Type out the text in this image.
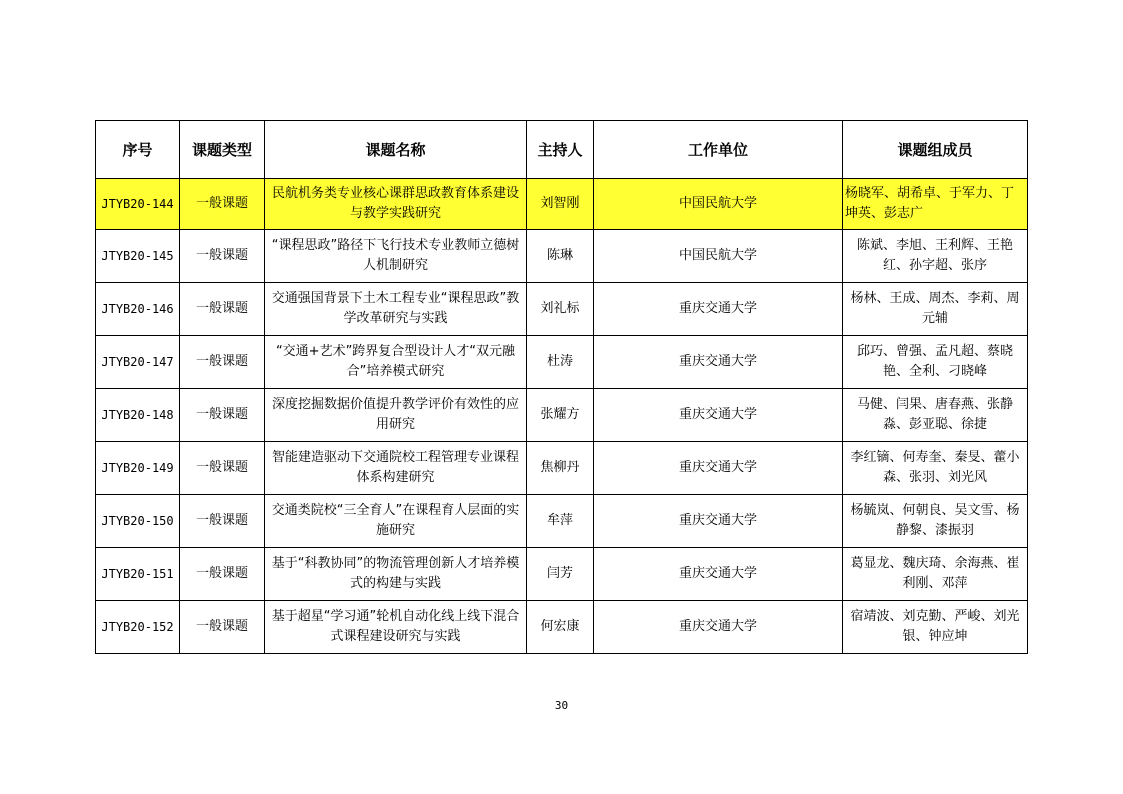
序号	课题类型	课题名称	主持人	工作单位	课题组成员
JTYB20-144	一般课题	民航机务类专业核心课群思政教育体系建设与教学实践研究	刘智刚	中国民航大学	杨晓军、胡希卓、于军力、丁坤英、彭志广
JTYB20-145	一般课题	“课程思政”路径下飞行技术专业教师立德树人机制研究	陈琳	中国民航大学	陈斌、李旭、王利辉、王艳红、孙字超、张序
JTYB20-146	一般课题	交通强国背景下土木工程专业“课程思政”教学改革研究与实践	刘礼标	重庆交通大学	杨林、王成、周杰、李莉、周元辅
JTYB20-147	一般课题	“交通+艺术”跨界复合型设计人才“双元融合”培养模式研究	杜涛	重庆交通大学	邱巧、曾强、孟凡超、蔡晓艳、全利、刁晓峰
JTYB20-148	一般课题	深度挖掘数据价值提升教学评价有效性的应用研究	张耀方	重庆交通大学	马健、闫果、唐春燕、张静淼、彭亚聪、徐捷
JTYB20-149	一般课题	智能建造驱动下交通院校工程管理专业课程体系构建研究	焦柳丹	重庆交通大学	李红镝、何寿奎、秦旻、藿小森、张羽、刘光风
JTYB20-150	一般课题	交通类院校“三全育人”在课程育人层面的实施研究	牟萍	重庆交通大学	杨毓岚、何朝良、吴文雪、杨静黎、漆振羽
JTYB20-151	一般课题	基于“科教协同”的物流管理创新人才培养模式的构建与实践	闫芳	重庆交通大学	葛显龙、魏庆琦、余海燕、崔利刚、邓萍
JTYB20-152	一般课题	基于超星“学习通”轮机自动化线上线下混合式课程建设研究与实践	何宏康	重庆交通大学	宿靖波、刘克勤、严峻、刘光银、钟应坤
30
